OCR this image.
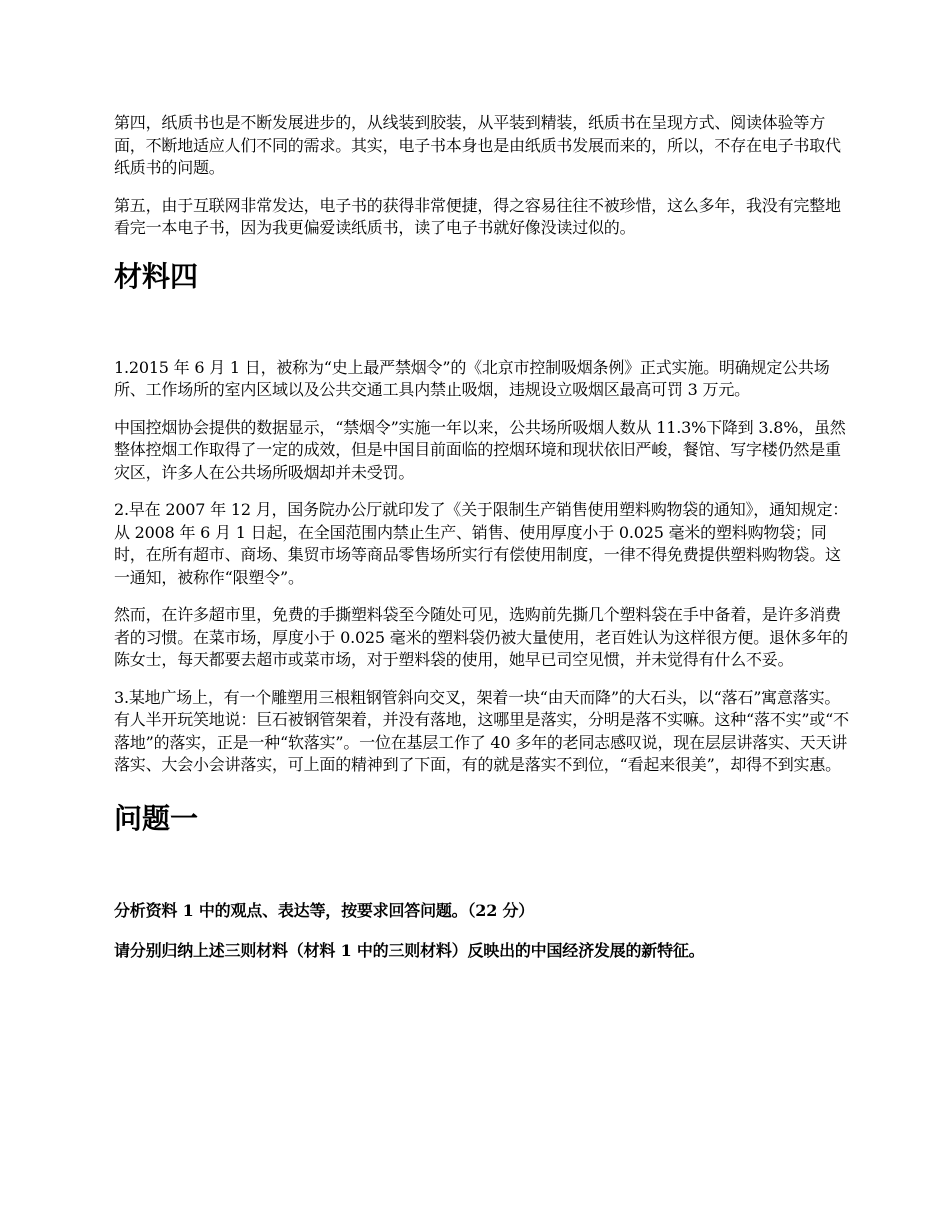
第四，纸质书也是不断发展进步的，从线装到胶装，从平装到精装，纸质书在呈现方式、阅读体验等方面，不断地适应人们不同的需求。其实，电子书本身也是由纸质书发展而来的，所以，不存在电子书取代纸质书的问题。

第五，由于互联网非常发达，电子书的获得非常便捷，得之容易往往不被珍惜，这么多年，我没有完整地看完一本电子书，因为我更偏爱读纸质书，读了电子书就好像没读过似的。

材料四

1.2015 年 6 月 1 日，被称为“史上最严禁烟令”的《北京市控制吸烟条例》正式实施。明确规定公共场所、工作场所的室内区域以及公共交通工具内禁止吸烟，违规设立吸烟区最高可罚 3 万元。

中国控烟协会提供的数据显示，“禁烟令”实施一年以来，公共场所吸烟人数从 11.3%下降到 3.8%，虽然整体控烟工作取得了一定的成效，但是中国目前面临的控烟环境和现状依旧严峻，餐馆、写字楼仍然是重灾区，许多人在公共场所吸烟却并未受罚。

2.早在 2007 年 12 月，国务院办公厅就印发了《关于限制生产销售使用塑料购物袋的通知》，通知规定：从 2008 年 6 月 1 日起，在全国范围内禁止生产、销售、使用厚度小于 0.025 毫米的塑料购物袋；同时，在所有超市、商场、集贸市场等商品零售场所实行有偿使用制度，一律不得免费提供塑料购物袋。这一通知，被称作“限塑令”。

然而，在许多超市里，免费的手撕塑料袋至今随处可见，选购前先撕几个塑料袋在手中备着，是许多消费者的习惯。在菜市场，厚度小于 0.025 毫米的塑料袋仍被大量使用，老百姓认为这样很方便。退休多年的陈女士，每天都要去超市或菜市场，对于塑料袋的使用，她早已司空见惯，并未觉得有什么不妥。

3.某地广场上，有一个雕塑用三根粗钢管斜向交叉，架着一块“由天而降”的大石头，以“落石”寓意落实。有人半开玩笑地说：巨石被钢管架着，并没有落地，这哪里是落实，分明是落不实嘛。这种“落不实”或“不落地”的落实，正是一种“软落实”。一位在基层工作了 40 多年的老同志感叹说，现在层层讲落实、天天讲落实、大会小会讲落实，可上面的精神到了下面，有的就是落实不到位，“看起来很美”，却得不到实惠。

问题一

分析资料 1 中的观点、表达等，按要求回答问题。（22 分）

请分别归纳上述三则材料（材料 1 中的三则材料）反映出的中国经济发展的新特征。
